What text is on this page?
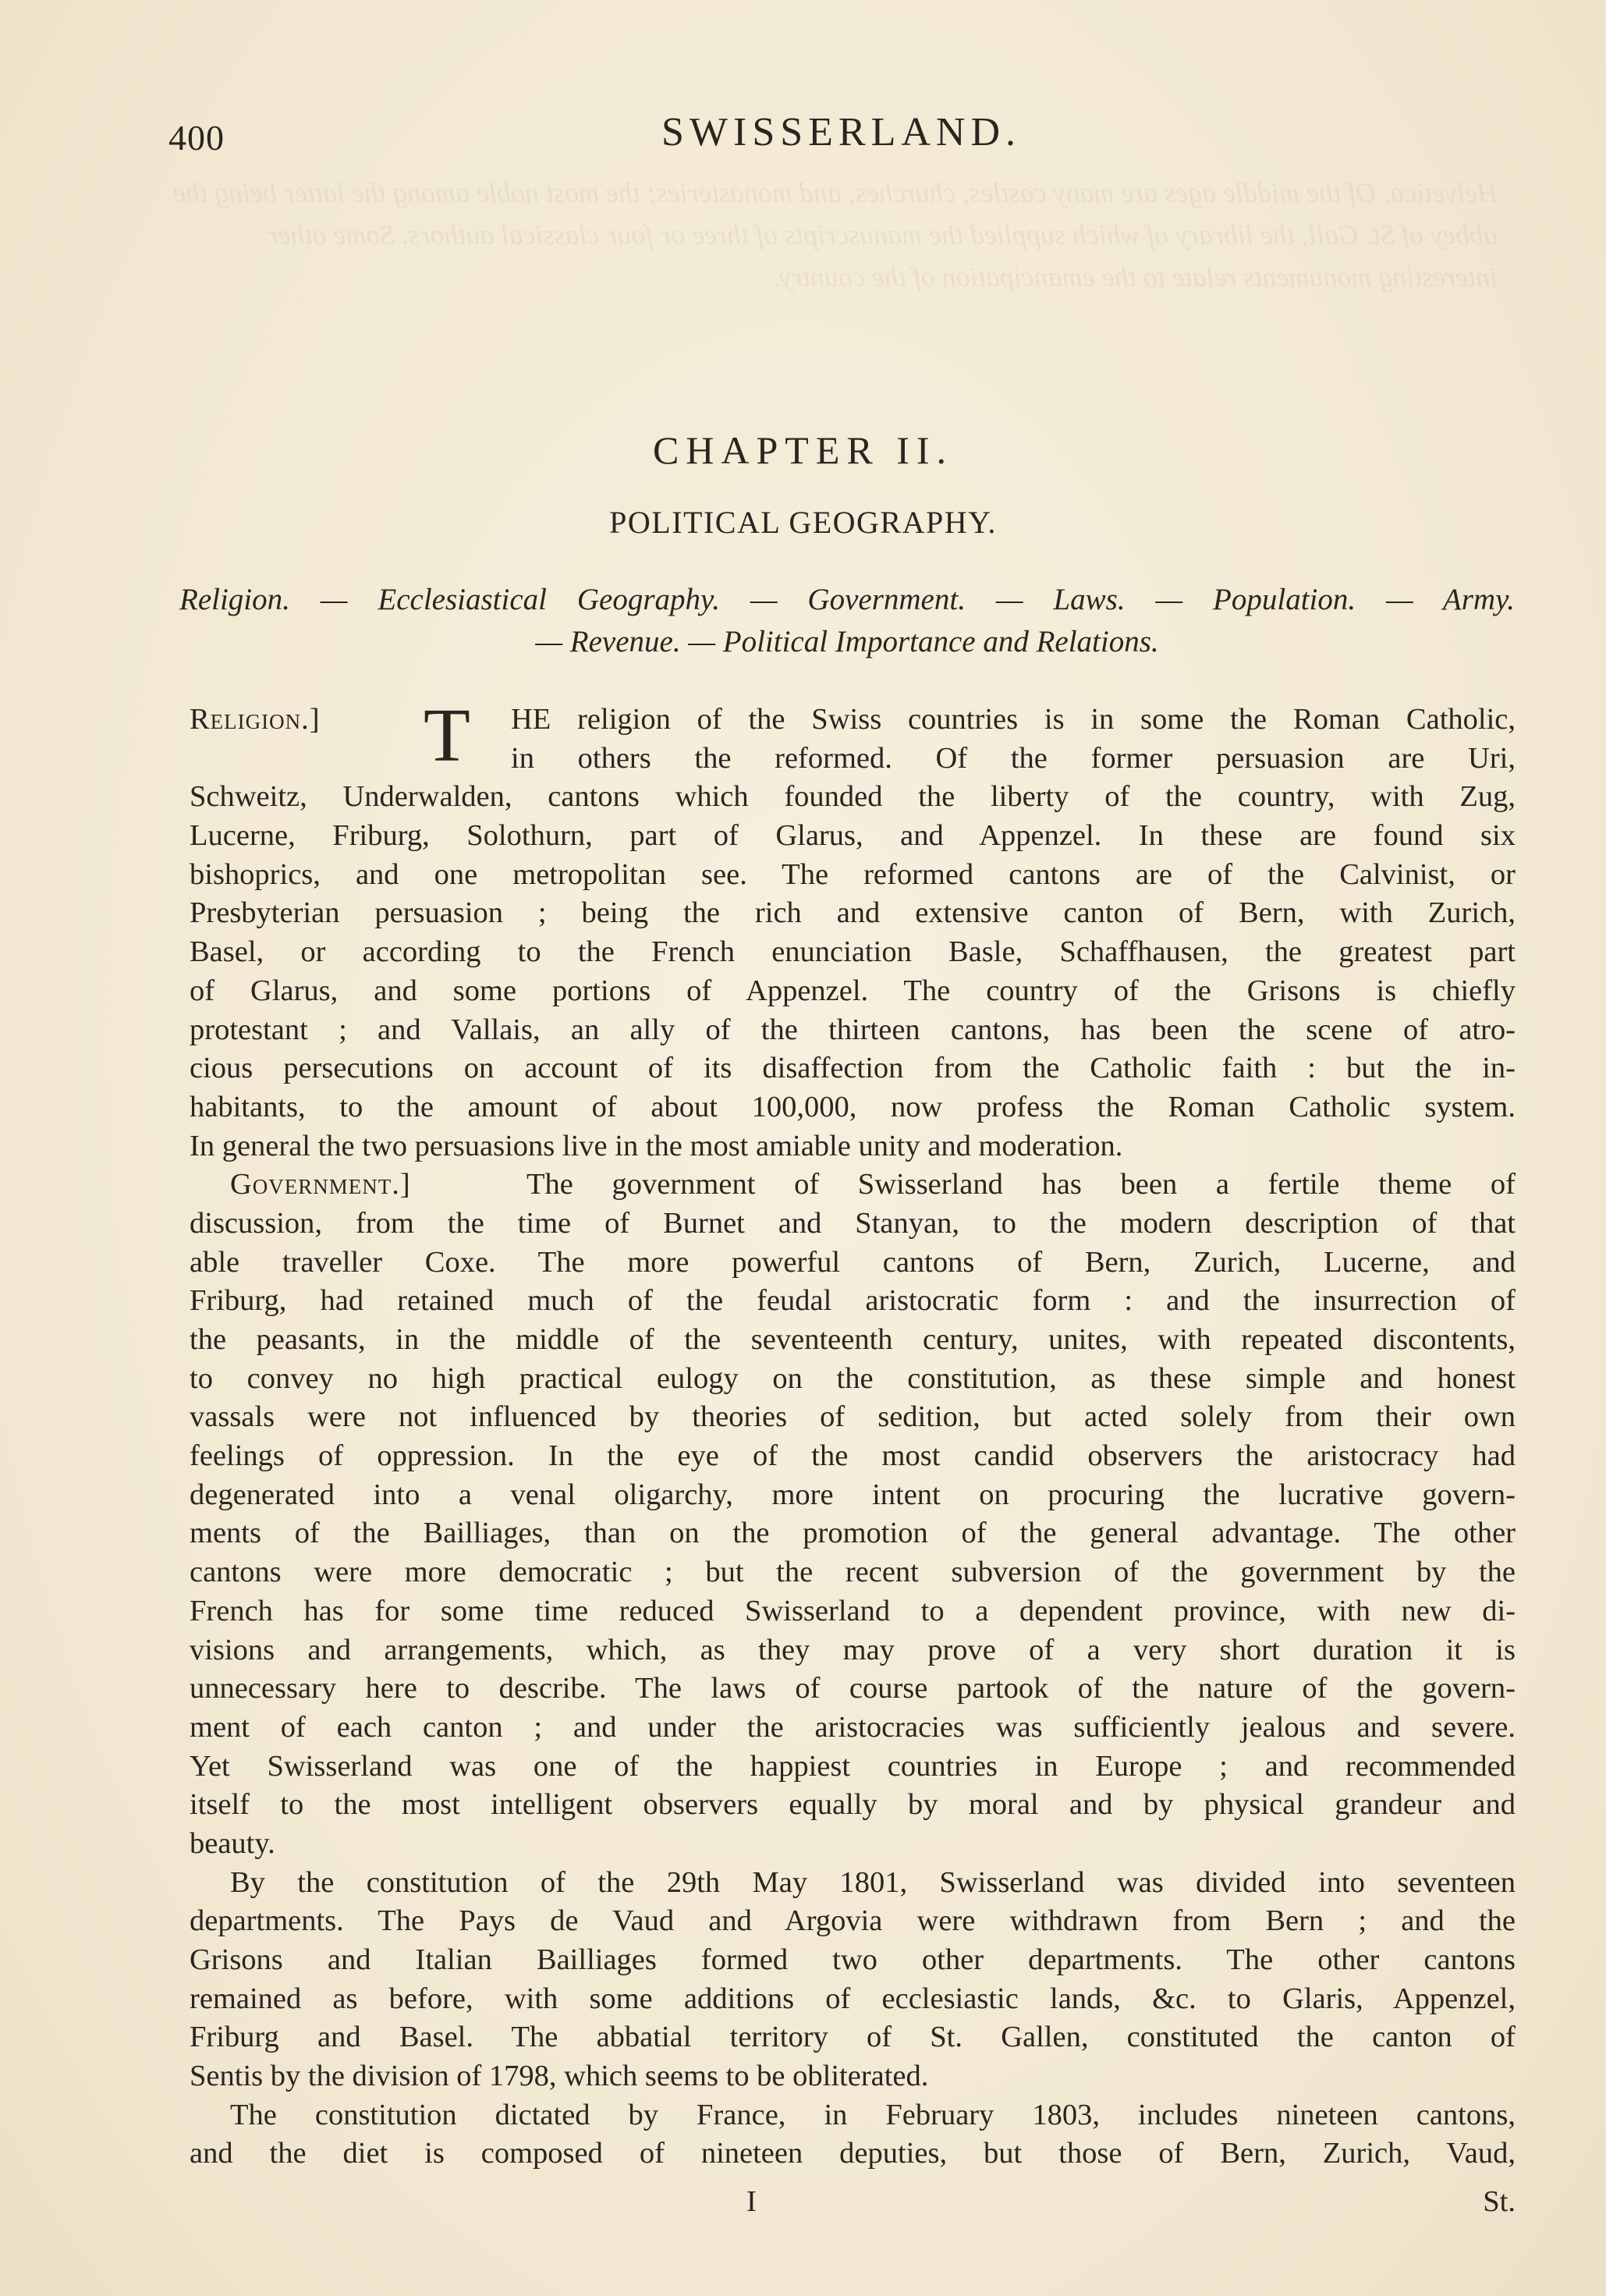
Helvetica. Of the middle ages are many castles, churches, and monasteries; the most noble among the latter being the abbey of St. Gall, the library of which supplied the manuscripts of three or four classical authors. Some other interesting monuments relate to the emancipation of the country.
400	SWISSERLAND.
CHAPTER II.
POLITICAL GEOGRAPHY.
Religion. — Ecclesiastical Geography. — Government. — Laws. — Population. — Army.
— Revenue. — Political Importance and Relations.
T
Religion.]	HE religion of the Swiss countries is in some the Roman Catholic,
in others the reformed. Of the former persuasion are Uri,
Schweitz, Underwalden, cantons which founded the liberty of the country, with Zug,
Lucerne, Friburg, Solothurn, part of Glarus, and Appenzel. In these are found six
bishoprics, and one metropolitan see. The reformed cantons are of the Calvinist, or
Presbyterian persuasion ; being the rich and extensive canton of Bern, with Zurich,
Basel, or according to the French enunciation Basle, Schaffhausen, the greatest part
of Glarus, and some portions of Appenzel. The country of the Grisons is chiefly
protestant ; and Vallais, an ally of the thirteen cantons, has been the scene of atro-
cious persecutions on account of its disaffection from the Catholic faith : but the in-
habitants, to the amount of about 100,000, now profess the Roman Catholic system.
In general the two persuasions live in the most amiable unity and moderation.
Government.]	The government of Swisserland has been a fertile theme of
discussion, from the time of Burnet and Stanyan, to the modern description of that
able traveller Coxe. The more powerful cantons of Bern, Zurich, Lucerne, and
Friburg, had retained much of the feudal aristocratic form : and the insurrection of
the peasants, in the middle of the seventeenth century, unites, with repeated discontents,
to convey no high practical eulogy on the constitution, as these simple and honest
vassals were not influenced by theories of sedition, but acted solely from their own
feelings of oppression. In the eye of the most candid observers the aristocracy had
degenerated into a venal oligarchy, more intent on procuring the lucrative govern-
ments of the Bailliages, than on the promotion of the general advantage. The other
cantons were more democratic ; but the recent subversion of the government by the
French has for some time reduced Swisserland to a dependent province, with new di-
visions and arrangements, which, as they may prove of a very short duration it is
unnecessary here to describe. The laws of course partook of the nature of the govern-
ment of each canton ; and under the aristocracies was sufficiently jealous and severe.
Yet Swisserland was one of the happiest countries in Europe ; and recommended
itself to the most intelligent observers equally by moral and by physical grandeur and
beauty.
By the constitution of the 29th May 1801, Swisserland was divided into seventeen
departments. The Pays de Vaud and Argovia were withdrawn from Bern ; and the
Grisons and Italian Bailliages formed two other departments. The other cantons
remained as before, with some additions of ecclesiastic lands, &c. to Glaris, Appenzel,
Friburg and Basel. The abbatial territory of St. Gallen, constituted the canton of
Sentis by the division of 1798, which seems to be obliterated.
The constitution dictated by France, in February 1803, includes nineteen cantons,
and the diet is composed of nineteen deputies, but those of Bern, Zurich, Vaud,
I	St.
